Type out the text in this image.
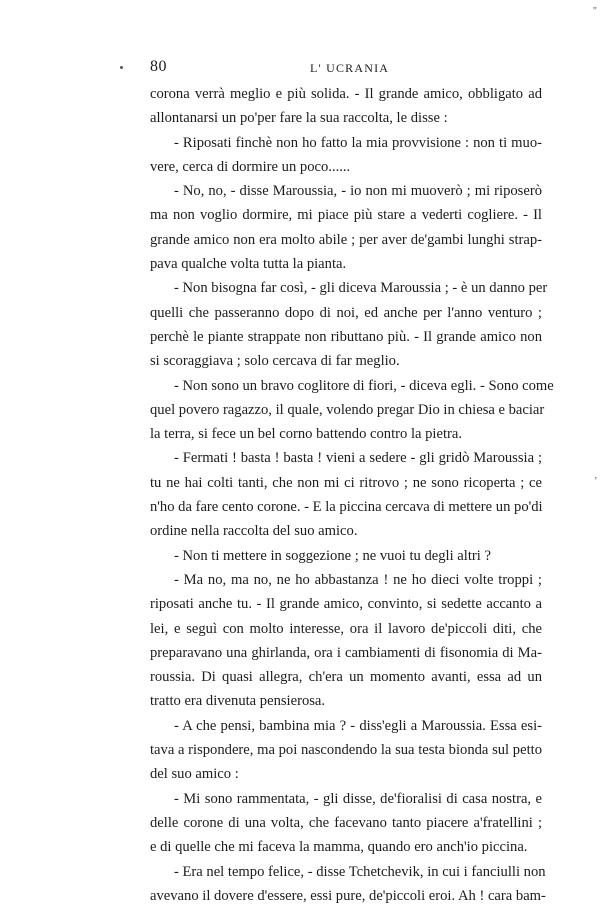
"
,
80	L' UCRANIA
corona verrà meglio e più solida. - Il grande amico, obbligato ad
allontanarsi un po'per fare la sua raccolta, le disse :
- Riposati finchè non ho fatto la mia provvisione : non ti muo-
vere, cerca di dormire un poco......
- No, no, - disse Maroussia, - io non mi muoverò ; mi riposerò
ma non voglio dormire, mi piace più stare a vederti cogliere. - Il
grande amico non era molto abile ; per aver de'gambi lunghi strap-
pava qualche volta tutta la pianta.
- Non bisogna far così, - gli diceva Maroussia ; - è un danno per
quelli che passeranno dopo di noi, ed anche per l'anno venturo ;
perchè le piante strappate non ributtano più. - Il grande amico non
si scoraggiava ; solo cercava di far meglio.
- Non sono un bravo coglitore di fiori, - diceva egli. - Sono come
quel povero ragazzo, il quale, volendo pregar Dio in chiesa e baciar
la terra, si fece un bel corno battendo contro la pietra.
- Fermati ! basta ! basta ! vieni a sedere - gli gridò Maroussia ;
tu ne hai colti tanti, che non mi ci ritrovo ; ne sono ricoperta ; ce
n'ho da fare cento corone. - E la piccina cercava di mettere un po'di
ordine nella raccolta del suo amico.
- Non ti mettere in soggezione ; ne vuoi tu degli altri ?
- Ma no, ma no, ne ho abbastanza ! ne ho dieci volte troppi ;
riposati anche tu. - Il grande amico, convinto, si sedette accanto a
lei, e seguì con molto interesse, ora il lavoro de'piccoli diti, che
preparavano una ghirlanda, ora i cambiamenti di fisonomia di Ma-
roussia. Di quasi allegra, ch'era un momento avanti, essa ad un
tratto era divenuta pensierosa.
- A che pensi, bambina mia ? - diss'egli a Maroussia. Essa esi-
tava a rispondere, ma poi nascondendo la sua testa bionda sul petto
del suo amico :
- Mi sono rammentata, - gli disse, de'fioralisi di casa nostra, e
delle corone di una volta, che facevano tanto piacere a'fratellini ;
e di quelle che mi faceva la mamma, quando ero anch'io piccina.
- Era nel tempo felice, - disse Tchetchevik, in cui i fanciulli non
avevano il dovere d'essere, essi pure, de'piccoli eroi. Ah ! cara bam-
